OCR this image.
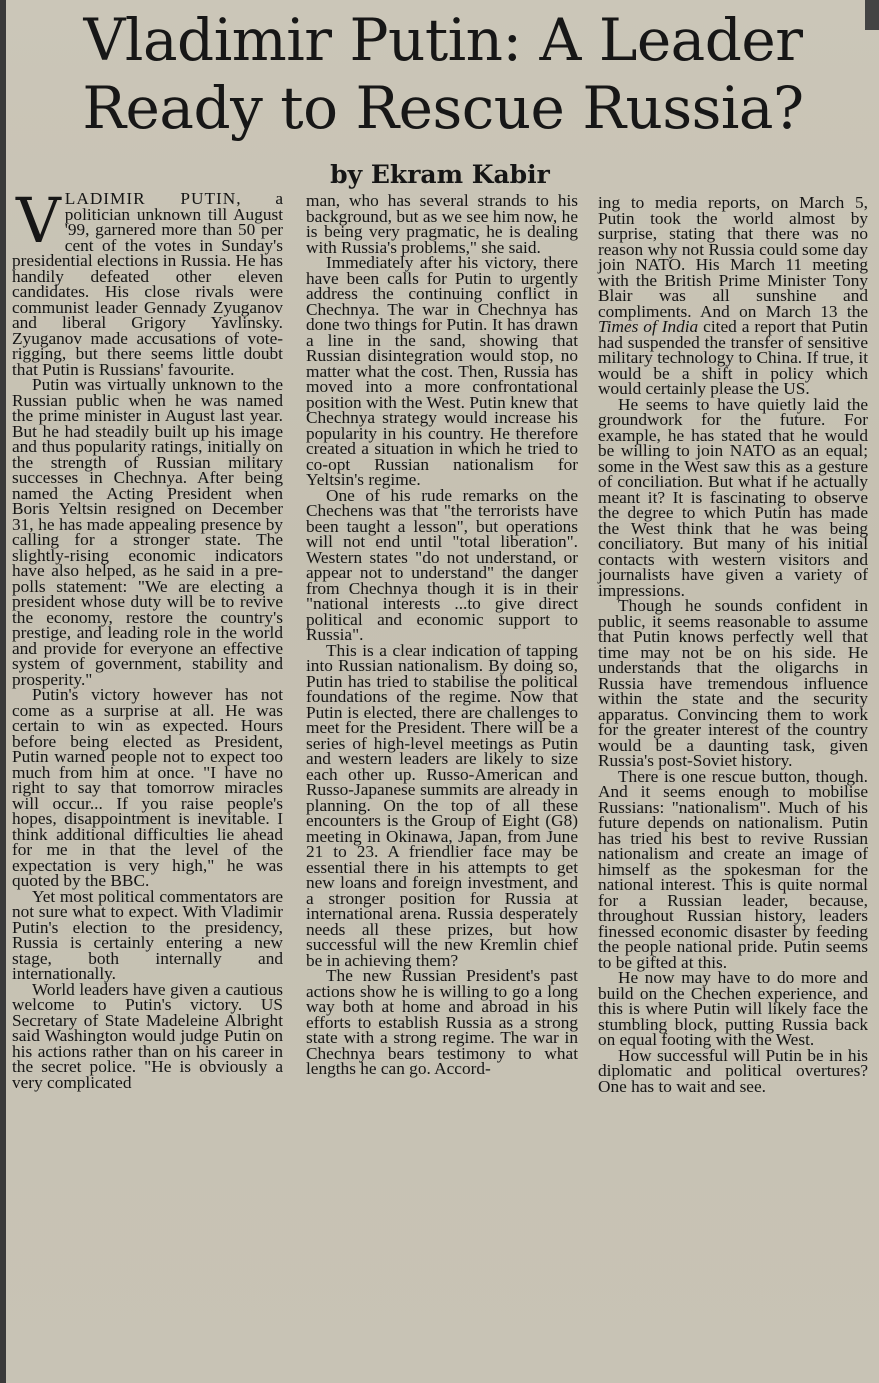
Vladimir Putin: A Leader
Ready to Rescue Russia?
by Ekram Kabir

VLADIMIR PUTIN, a politician unknown till August '99, garnered more than 50 per cent of the votes in Sunday's presidential elections in Russia. He has handily defeated other eleven candidates. His close rivals were communist leader Gennady Zyuganov and liberal Grigory Yavlinsky. Zyuganov made accusations of vote-rigging, but there seems little doubt that Putin is Russians' favourite.

Putin was virtually unknown to the Russian public when he was named the prime minister in August last year. But he had steadily built up his image and thus popularity ratings, initially on the strength of Russian military successes in Chechnya. After being named the Acting President when Boris Yeltsin resigned on December 31, he has made appealing presence by calling for a stronger state. The slightly-rising economic indicators have also helped, as he said in a pre-polls statement: "We are electing a president whose duty will be to revive the economy, restore the country's prestige, and leading role in the world and provide for everyone an effective system of government, stability and prosperity."

Putin's victory however has not come as a surprise at all. He was certain to win as expected. Hours before being elected as President, Putin warned people not to expect too much from him at once. "I have no right to say that tomorrow miracles will occur... If you raise people's hopes, disappointment is inevitable. I think additional difficulties lie ahead for me in that the level of the expectation is very high," he was quoted by the BBC.

Yet most political commentators are not sure what to expect. With Vladimir Putin's election to the presidency, Russia is certainly entering a new stage, both internally and internationally.

World leaders have given a cautious welcome to Putin's victory. US Secretary of State Madeleine Albright said Washington would judge Putin on his actions rather than on his career in the secret police. "He is obviously a very complicated

man, who has several strands to his background, but as we see him now, he is being very pragmatic, he is dealing with Russia's problems," she said.

Immediately after his victory, there have been calls for Putin to urgently address the continuing conflict in Chechnya. The war in Chechnya has done two things for Putin. It has drawn a line in the sand, showing that Russian disintegration would stop, no matter what the cost. Then, Russia has moved into a more confrontational position with the West. Putin knew that Chechnya strategy would increase his popularity in his country. He therefore created a situation in which he tried to co-opt Russian nationalism for Yeltsin's regime.

One of his rude remarks on the Chechens was that "the terrorists have been taught a lesson", but operations will not end until "total liberation". Western states "do not understand, or appear not to understand" the danger from Chechnya though it is in their "national interests ...to give direct political and economic support to Russia".

This is a clear indication of tapping into Russian nationalism. By doing so, Putin has tried to stabilise the political foundations of the regime. Now that Putin is elected, there are challenges to meet for the President. There will be a series of high-level meetings as Putin and western leaders are likely to size each other up. Russo-American and Russo-Japanese summits are already in planning. On the top of all these encounters is the Group of Eight (G8) meeting in Okinawa, Japan, from June 21 to 23. A friendlier face may be essential there in his attempts to get new loans and foreign investment, and a stronger position for Russia at international arena. Russia desperately needs all these prizes, but how successful will the new Kremlin chief be in achieving them?

The new Russian President's past actions show he is willing to go a long way both at home and abroad in his efforts to establish Russia as a strong state with a strong regime. The war in Chechnya bears testimony to what lengths he can go. Accord-

ing to media reports, on March 5, Putin took the world almost by surprise, stating that there was no reason why not Russia could some day join NATO. His March 11 meeting with the British Prime Minister Tony Blair was all sunshine and compliments. And on March 13 the Times of India cited a report that Putin had suspended the transfer of sensitive military technology to China. If true, it would be a shift in policy which would certainly please the US.

He seems to have quietly laid the groundwork for the future. For example, he has stated that he would be willing to join NATO as an equal; some in the West saw this as a gesture of conciliation. But what if he actually meant it? It is fascinating to observe the degree to which Putin has made the West think that he was being conciliatory. But many of his initial contacts with western visitors and journalists have given a variety of impressions.

Though he sounds confident in public, it seems reasonable to assume that Putin knows perfectly well that time may not be on his side. He understands that the oligarchs in Russia have tremendous influence within the state and the security apparatus. Convincing them to work for the greater interest of the country would be a daunting task, given Russia's post-Soviet history.

There is one rescue button, though. And it seems enough to mobilise Russians: "nationalism". Much of his future depends on nationalism. Putin has tried his best to revive Russian nationalism and create an image of himself as the spokesman for the national interest. This is quite normal for a Russian leader, because, throughout Russian history, leaders finessed economic disaster by feeding the people national pride. Putin seems to be gifted at this.

He now may have to do more and build on the Chechen experience, and this is where Putin will likely face the stumbling block, putting Russia back on equal footing with the West.

How successful will Putin be in his diplomatic and political overtures? One has to wait and see.
